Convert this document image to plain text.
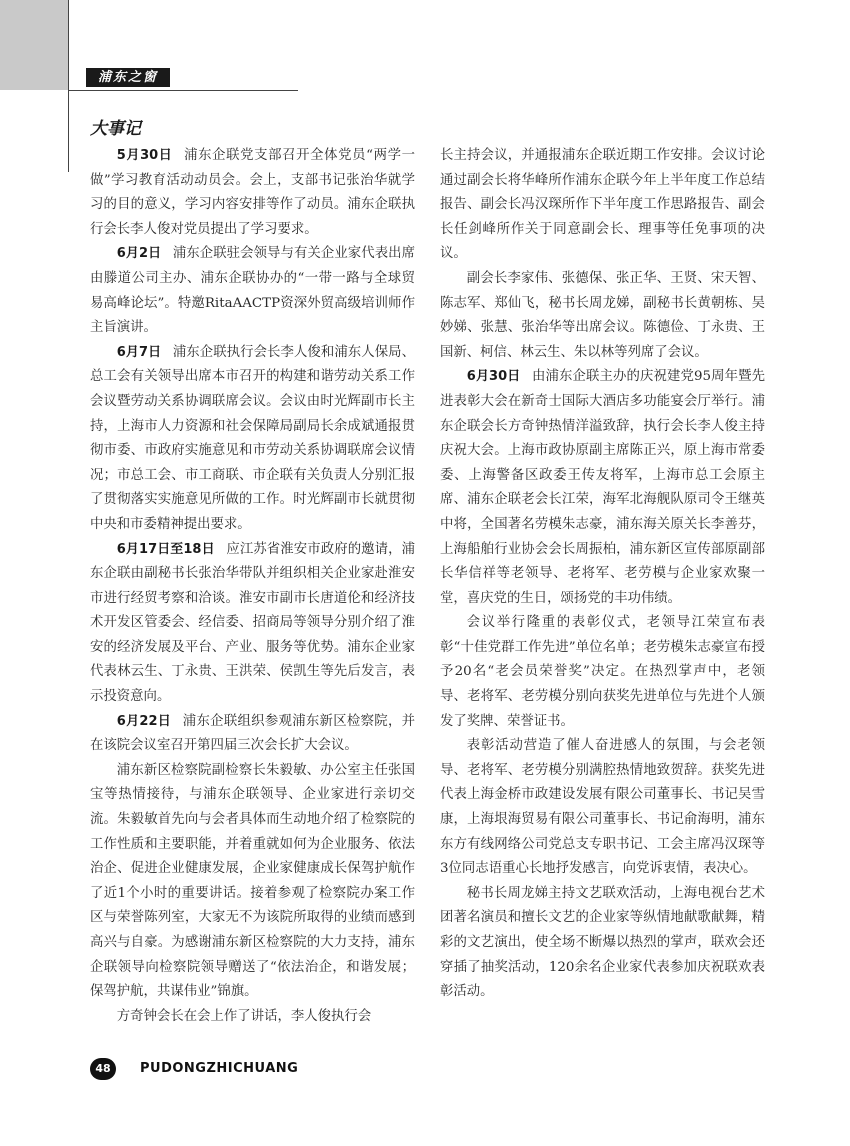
浦东之窗
大事记

5月30日 浦东企联党支部召开全体党员“两学一做”学习教育活动动员会。会上，支部书记张治华就学习的目的意义，学习内容安排等作了动员。浦东企联执行会长李人俊对党员提出了学习要求。

6月2日 浦东企联驻会领导与有关企业家代表出席由滕道公司主办、浦东企联协办的“一带一路与全球贸易高峰论坛”。特邀RitaAACTP资深外贸高级培训师作主旨演讲。

6月7日 浦东企联执行会长李人俊和浦东人保局、总工会有关领导出席本市召开的构建和谐劳动关系工作会议暨劳动关系协调联席会议。会议由时光辉副市长主持，上海市人力资源和社会保障局副局长余成斌通报贯彻市委、市政府实施意见和市劳动关系协调联席会议情况；市总工会、市工商联、市企联有关负责人分别汇报了贯彻落实实施意见所做的工作。时光辉副市长就贯彻中央和市委精神提出要求。

6月17日至18日 应江苏省淮安市政府的邀请，浦东企联由副秘书长张治华带队并组织相关企业家赴淮安市进行经贸考察和洽谈。淮安市副市长唐道伦和经济技术开发区管委会、经信委、招商局等领导分别介绍了淮安的经济发展及平台、产业、服务等优势。浦东企业家代表林云生、丁永贵、王洪荣、侯凯生等先后发言，表示投资意向。

6月22日 浦东企联组织参观浦东新区检察院，并在该院会议室召开第四届三次会长扩大会议。

浦东新区检察院副检察长朱毅敏、办公室主任张国宝等热情接待，与浦东企联领导、企业家进行亲切交流。朱毅敏首先向与会者具体而生动地介绍了检察院的工作性质和主要职能，并着重就如何为企业服务、依法治企、促进企业健康发展，企业家健康成长保驾护航作了近1个小时的重要讲话。接着参观了检察院办案工作区与荣誉陈列室，大家无不为该院所取得的业绩而感到高兴与自豪。为感谢浦东新区检察院的大力支持，浦东企联领导向检察院领导赠送了“依法治企，和谐发展；保驾护航，共谋伟业”锦旗。

方奇钟会长在会上作了讲话，李人俊执行会

长主持会议，并通报浦东企联近期工作安排。会议讨论通过副会长将华峰所作浦东企联今年上半年度工作总结报告、副会长冯汉琛所作下半年度工作思路报告、副会长任剑峰所作关于同意副会长、理事等任免事项的决议。

副会长李家伟、张德保、张正华、王贤、宋天智、陈志军、郑仙飞，秘书长周龙娣，副秘书长黄朝栋、吴妙娣、张慧、张治华等出席会议。陈德俭、丁永贵、王国新、柯信、林云生、朱以林等列席了会议。

6月30日 由浦东企联主办的庆祝建党95周年暨先进表彰大会在新奇士国际大酒店多功能宴会厅举行。浦东企联会长方奇钟热情洋溢致辞，执行会长李人俊主持庆祝大会。上海市政协原副主席陈正兴，原上海市常委委、上海警备区政委王传友将军，上海市总工会原主席、浦东企联老会长江荣，海军北海舰队原司令王继英中将，全国著名劳模朱志豪，浦东海关原关长李善芬，上海船舶行业协会会长周振柏，浦东新区宣传部原副部长华信祥等老领导、老将军、老劳模与企业家欢聚一堂，喜庆党的生日，颂扬党的丰功伟绩。

会议举行隆重的表彰仪式，老领导江荣宣布表彰“十佳党群工作先进”单位名单；老劳模朱志豪宣布授予20名“老会员荣誉奖”决定。在热烈掌声中，老领导、老将军、老劳模分别向获奖先进单位与先进个人颁发了奖牌、荣誉证书。

表彰活动营造了催人奋进感人的氛围，与会老领导、老将军、老劳模分别满腔热情地致贺辞。获奖先进代表上海金桥市政建设发展有限公司董事长、书记吴雪康，上海垠海贸易有限公司董事长、书记俞海明，浦东东方有线网络公司党总支专职书记、工会主席冯汉琛等3位同志语重心长地抒发感言，向党诉衷情，表决心。

秘书长周龙娣主持文艺联欢活动，上海电视台艺术团著名演员和擅长文艺的企业家等纵情地献歌献舞，精彩的文艺演出，使全场不断爆以热烈的掌声，联欢会还穿插了抽奖活动，120余名企业家代表参加庆祝联欢表彰活动。

48	PUDONGZHICHUANG
